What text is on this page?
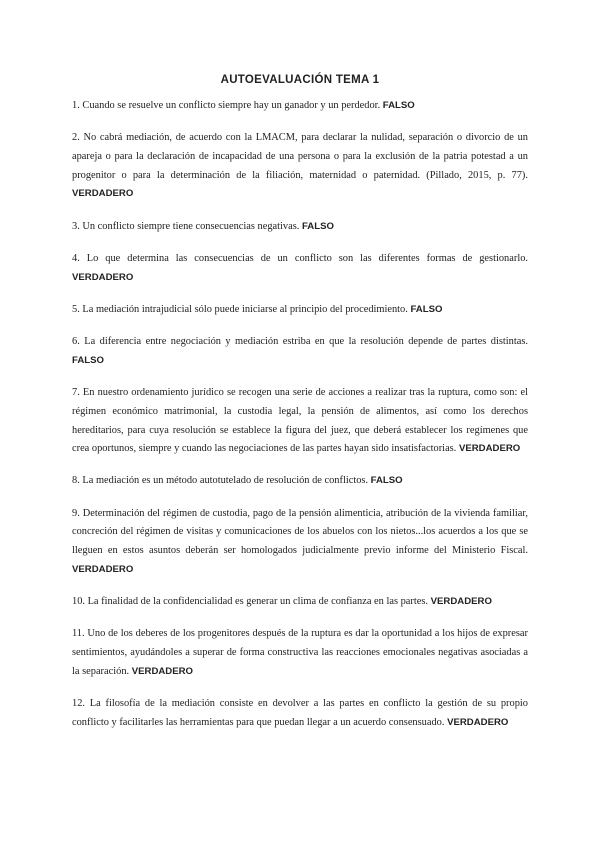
AUTOEVALUACIÓN TEMA 1

1. Cuando se resuelve un conflicto siempre hay un ganador y un perdedor. FALSO

2. No cabrá mediación, de acuerdo con la LMACM, para declarar la nulidad, separación o divorcio de un apareja o para la declaración de incapacidad de una persona o para la exclusión de la patria potestad a un progenitor o para la determinación de la filiación, maternidad o paternidad. (Pillado, 2015, p. 77). VERDADERO

3. Un conflicto siempre tiene consecuencias negativas. FALSO

4. Lo que determina las consecuencias de un conflicto son las diferentes formas de gestionarlo. VERDADERO

5. La mediación intrajudicial sólo puede iniciarse al principio del procedimiento. FALSO

6. La diferencia entre negociación y mediación estriba en que la resolución depende de partes distintas. FALSO

7. En nuestro ordenamiento jurídico se recogen una serie de acciones a realizar tras la ruptura, como son: el régimen económico matrimonial, la custodia legal, la pensión de alimentos, así como los derechos hereditarios, para cuya resolución se establece la figura del juez, que deberá establecer los regímenes que crea oportunos, siempre y cuando las negociaciones de las partes hayan sido insatisfactorias. VERDADERO

8. La mediación es un método autotutelado de resolución de conflictos. FALSO

9. Determinación del régimen de custodia, pago de la pensión alimenticia, atribución de la vivienda familiar, concreción del régimen de visitas y comunicaciones de los abuelos con los nietos...los acuerdos a los que se lleguen en estos asuntos deberán ser homologados judicialmente previo informe del Ministerio Fiscal. VERDADERO

10. La finalidad de la confidencialidad es generar un clima de confianza en las partes. VERDADERO

11. Uno de los deberes de los progenitores después de la ruptura es dar la oportunidad a los hijos de expresar sentimientos, ayudándoles a superar de forma constructiva las reacciones emocionales negativas asociadas a la separación. VERDADERO

12. La filosofía de la mediación consiste en devolver a las partes en conflicto la gestión de su propio conflicto y facilitarles las herramientas para que puedan llegar a un acuerdo consensuado. VERDADERO
